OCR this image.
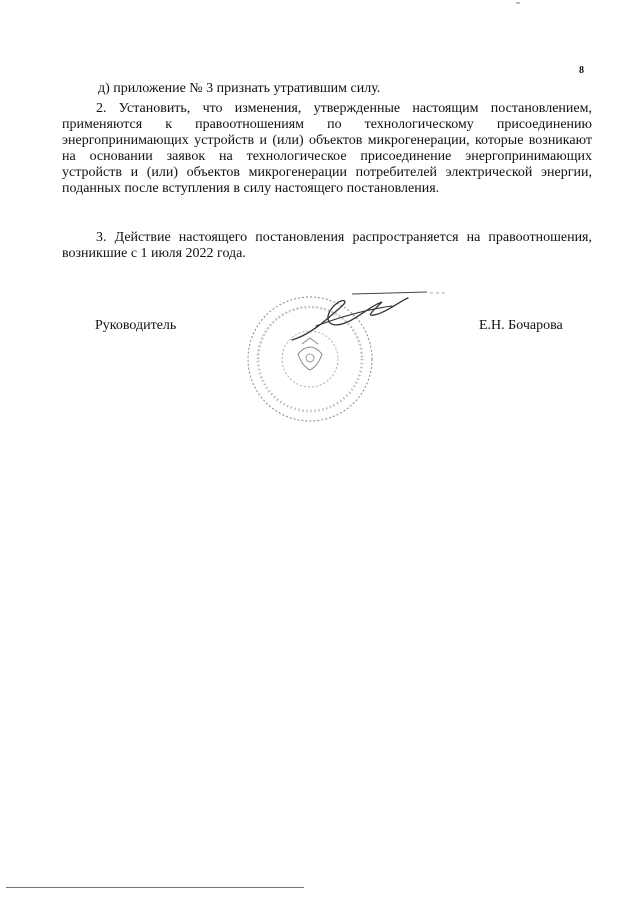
8
д) приложение № 3 признать утратившим силу.
2. Установить, что изменения, утвержденные настоящим постановлением, применяются к правоотношениям по технологическому присоединению энергопринимающих устройств и (или) объектов микрогенерации, которые возникают на основании заявок на технологическое присоединение энергопринимающих устройств и (или) объектов микрогенерации потребителей электрической энергии, поданных после вступления в силу настоящего постановления.
3. Действие настоящего постановления распространяется на правоотношения, возникшие с 1 июля 2022 года.
Руководитель	Е.Н. Бочарова
